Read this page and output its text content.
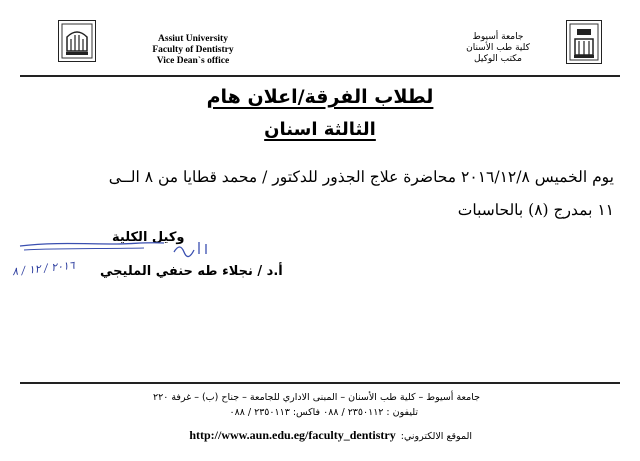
Assiut University
Faculty of Dentistry
Vice Dean`s office
جامعة أسيوط
كلية طب الأسنان
مكتب الوكيل
لطلاب الفرقة/اعلان هام
الثالثة اسنان
يوم الخميس ٢٠١٦/١٢/٨ محاضرة علاج الجذور للدكتور / محمد قطايا من ٨ الــى
١١ بمدرج (٨) بالحاسبات
وكيل الكلية
٢٠١٦ / ١٢ / ٨ أ.د / نجلاء طه حنفي المليجي
جامعة أسيوط – كلية طب الأسنان – المبنى الاداري للجامعة – جناح (ب) – غرفة ٢٢٠
تليفون : ٢٣٥٠١١٢ / ٠٨٨ فاكس: ٢٣٥٠١١٣ / ٠٨٨
الموقع الالكتروني: http://www.aun.edu.eg/faculty_dentistry
